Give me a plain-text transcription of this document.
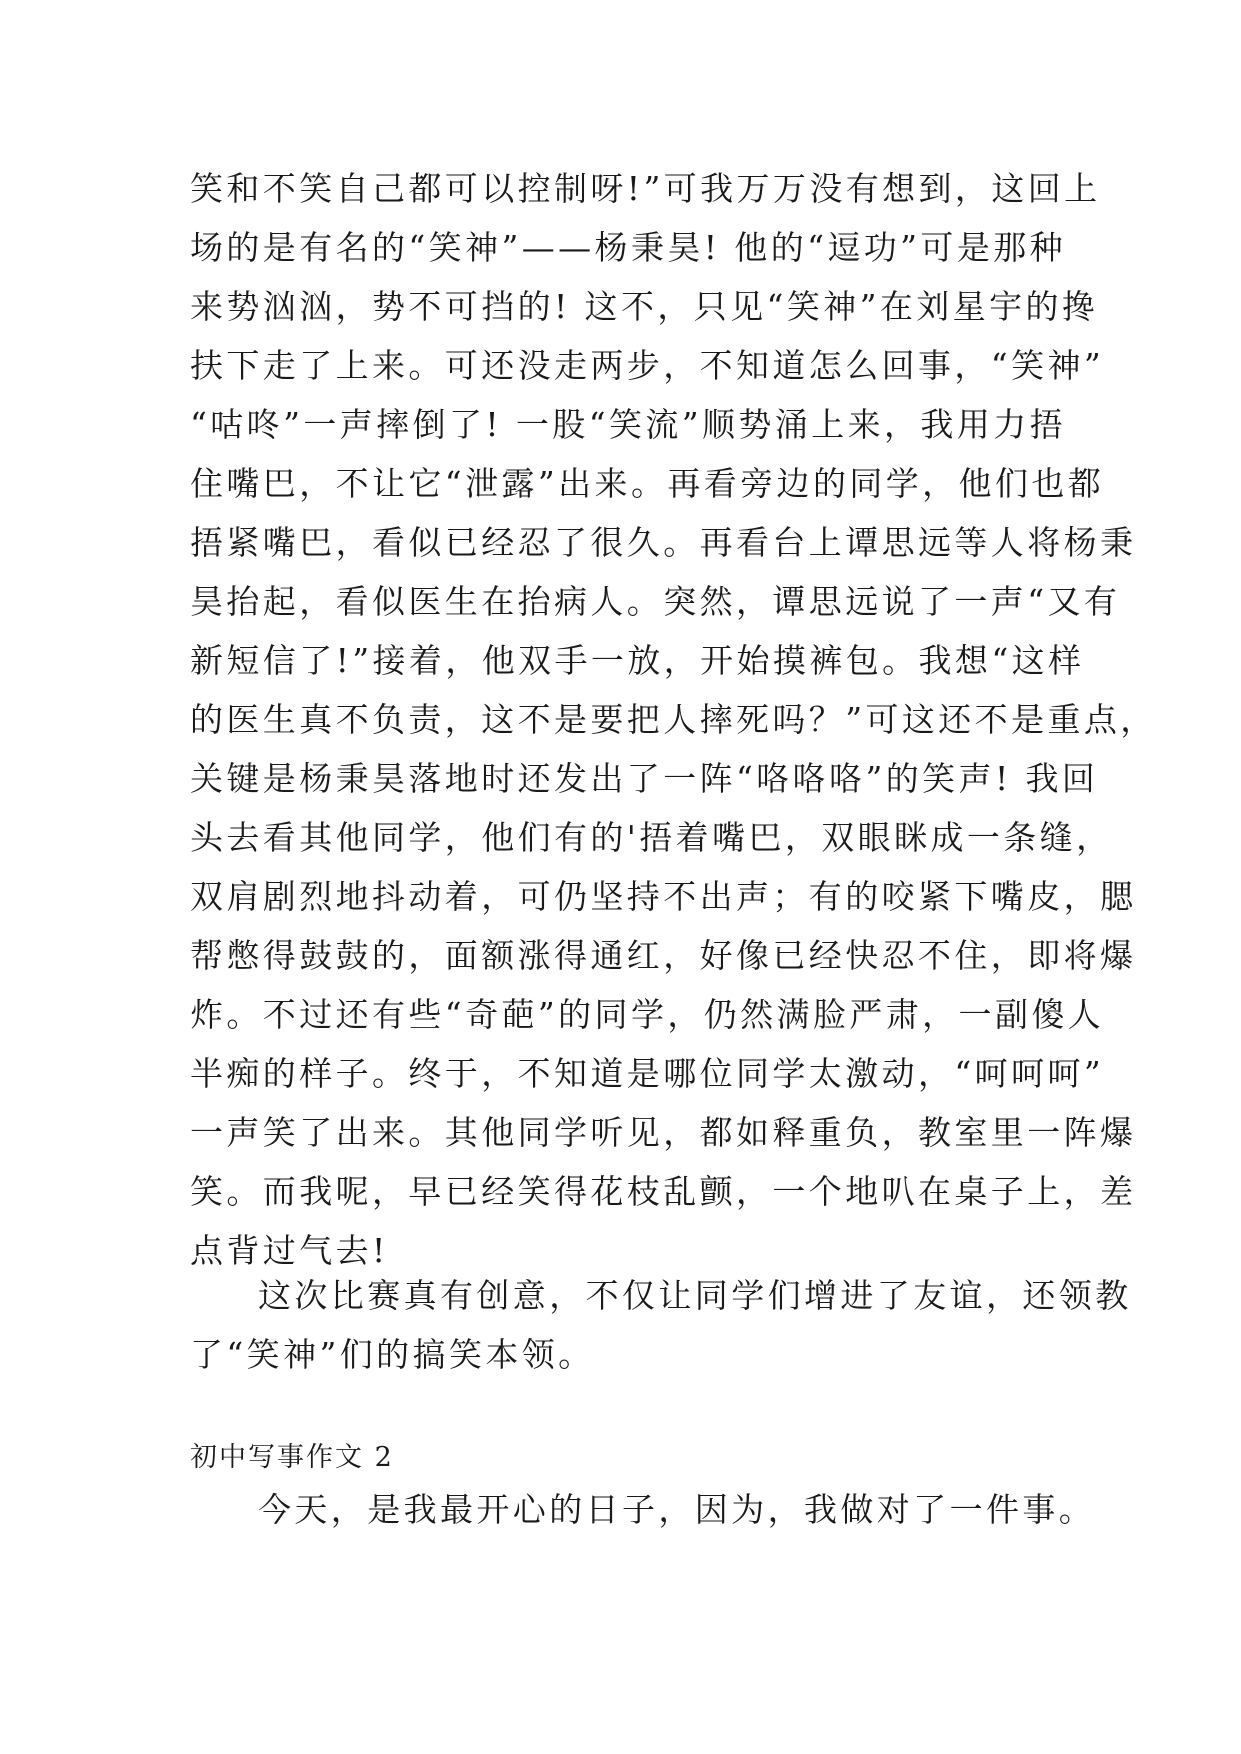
笑和不笑自己都可以控制呀!”可我万万没有想到，这回上
场的是有名的“笑神”——杨秉昊! 他的“逗功”可是那种
来势汹汹，势不可挡的! 这不，只见“笑神”在刘星宇的搀
扶下走了上来。可还没走两步，不知道怎么回事，“笑神”
“咕咚”一声摔倒了! 一股“笑流”顺势涌上来，我用力捂
住嘴巴，不让它“泄露”出来。再看旁边的同学，他们也都
捂紧嘴巴，看似已经忍了很久。再看台上谭思远等人将杨秉
昊抬起，看似医生在抬病人。突然，谭思远说了一声“又有
新短信了!”接着，他双手一放，开始摸裤包。我想“这样
的医生真不负责，这不是要把人摔死吗？”可这还不是重点，
关键是杨秉昊落地时还发出了一阵“咯咯咯”的笑声! 我回
头去看其他同学，他们有的'捂着嘴巴，双眼眯成一条缝，
双肩剧烈地抖动着，可仍坚持不出声；有的咬紧下嘴皮，腮
帮憋得鼓鼓的，面额涨得通红，好像已经快忍不住，即将爆
炸。不过还有些“奇葩”的同学，仍然满脸严肃，一副傻人
半痴的样子。终于，不知道是哪位同学太激动，“呵呵呵”
一声笑了出来。其他同学听见，都如释重负，教室里一阵爆
笑。而我呢，早已经笑得花枝乱颤，一个地叭在桌子上，差
点背过气去!
这次比赛真有创意，不仅让同学们增进了友谊，还领教
了“笑神”们的搞笑本领。
初中写事作文 2
今天，是我最开心的日子，因为，我做对了一件事。
